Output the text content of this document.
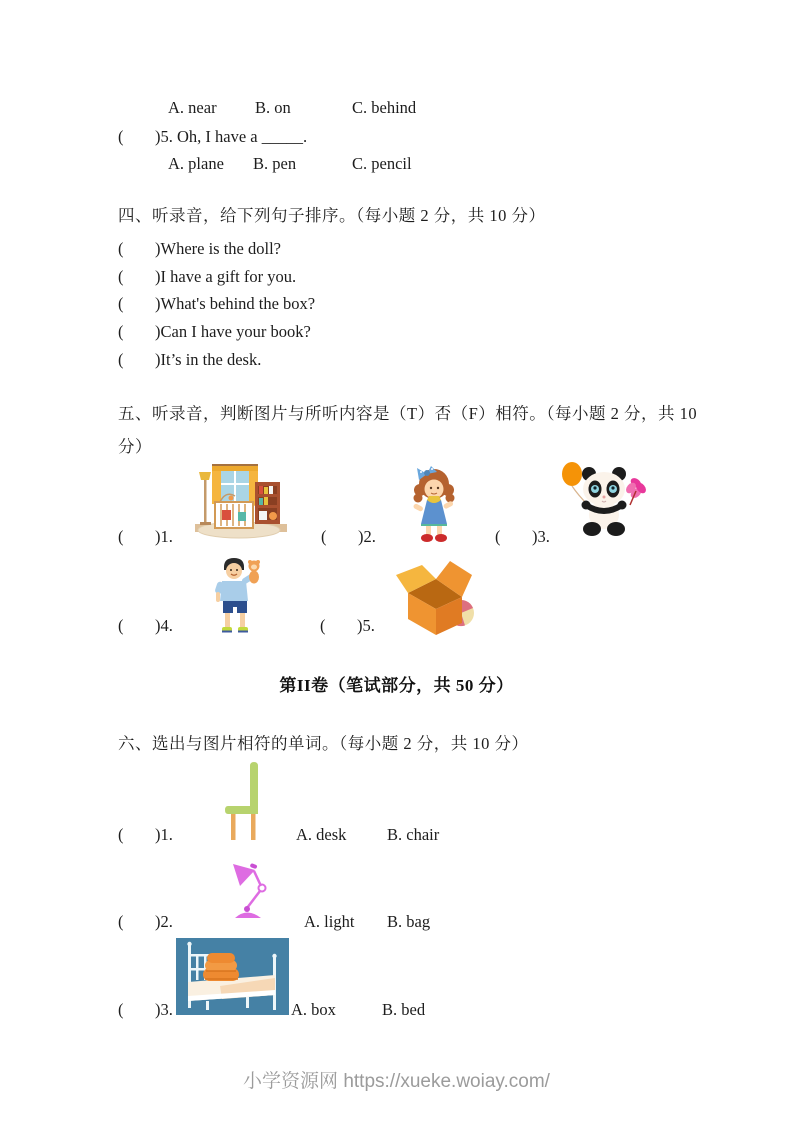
A. near B. on	C. behind
( )5. Oh, I have a _____.
A. plane B. pen	C. pencil
四、听录音，给下列句子排序。（每小题 2 分，共 10 分）
( )Where is the doll?
( )I have a gift for you.
( )What's behind the box?
( )Can I have your book?
( )It’s in the desk.
五、听录音，判断图片与所听内容是（T）否（F）相符。（每小题 2 分，共 10
分）
( )1.	( )2.	( )3.
( )4.	( )5.
第II卷（笔试部分，共 50 分）
六、选出与图片相符的单词。（每小题 2 分，共 10 分）
( )1.	A. desk B. chair
( )2.	A. light B. bag
( )3.	A. box	B. bed
小学资源网 https://xueke.woiay.com/
